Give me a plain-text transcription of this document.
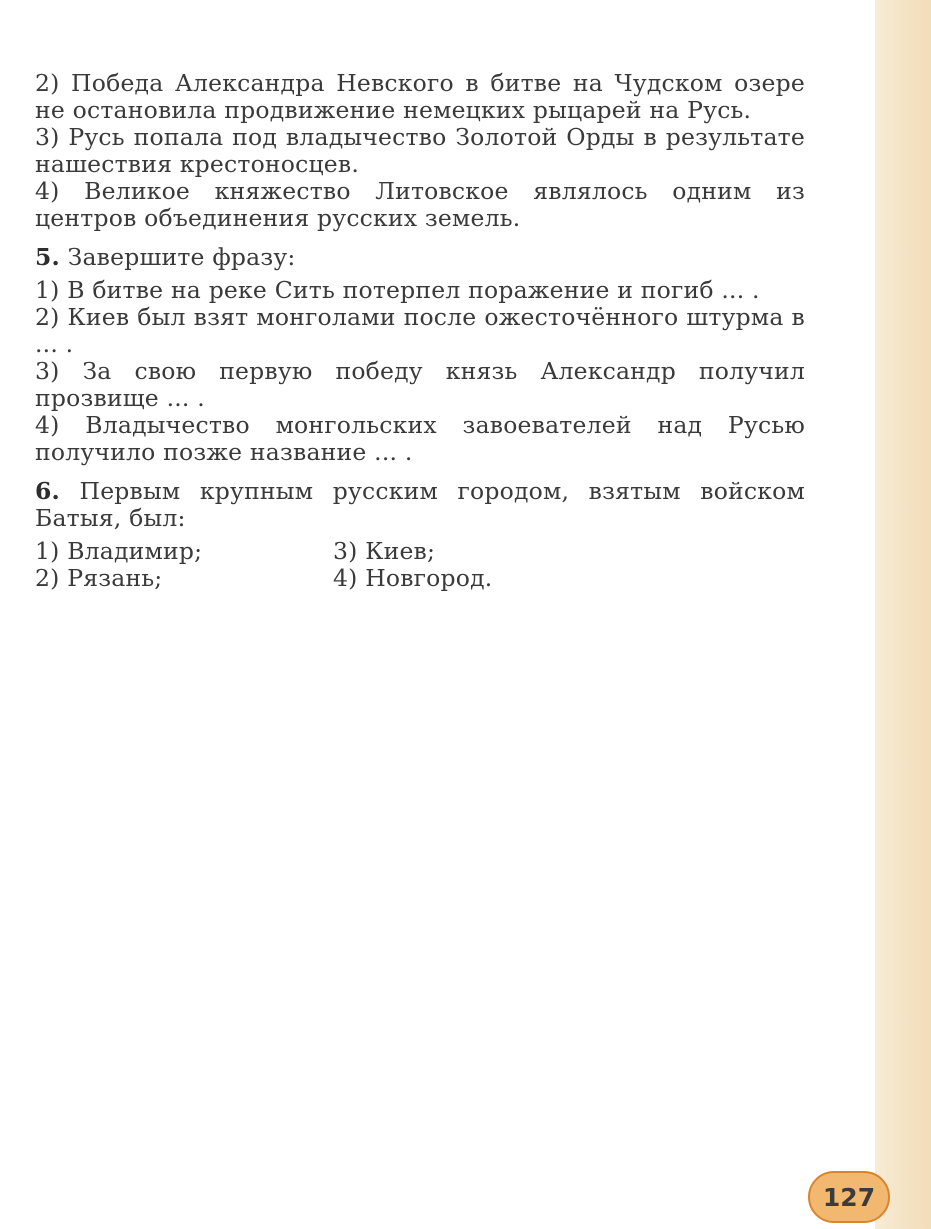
2) Победа Александра Невского в битве на Чудском озере не остановила продвижение немецких рыцарей на Русь.

3) Русь попала под владычество Золотой Орды в результате нашествия крестоносцев.

4) Великое княжество Литовское являлось одним из центров объединения русских земель.

5. Завершите фразу:

1) В битве на реке Сить потерпел поражение и погиб ... .

2) Киев был взят монголами после ожесточённого штурма в ... .

3) За свою первую победу князь Александр получил прозвище ... .

4) Владычество монгольских завоевателей над Русью получило позже название ... .

6. Первым крупным русским городом, взятым войском Батыя, был:

1) Владимир;	3) Киев;
2) Рязань;	4) Новгород.
127
